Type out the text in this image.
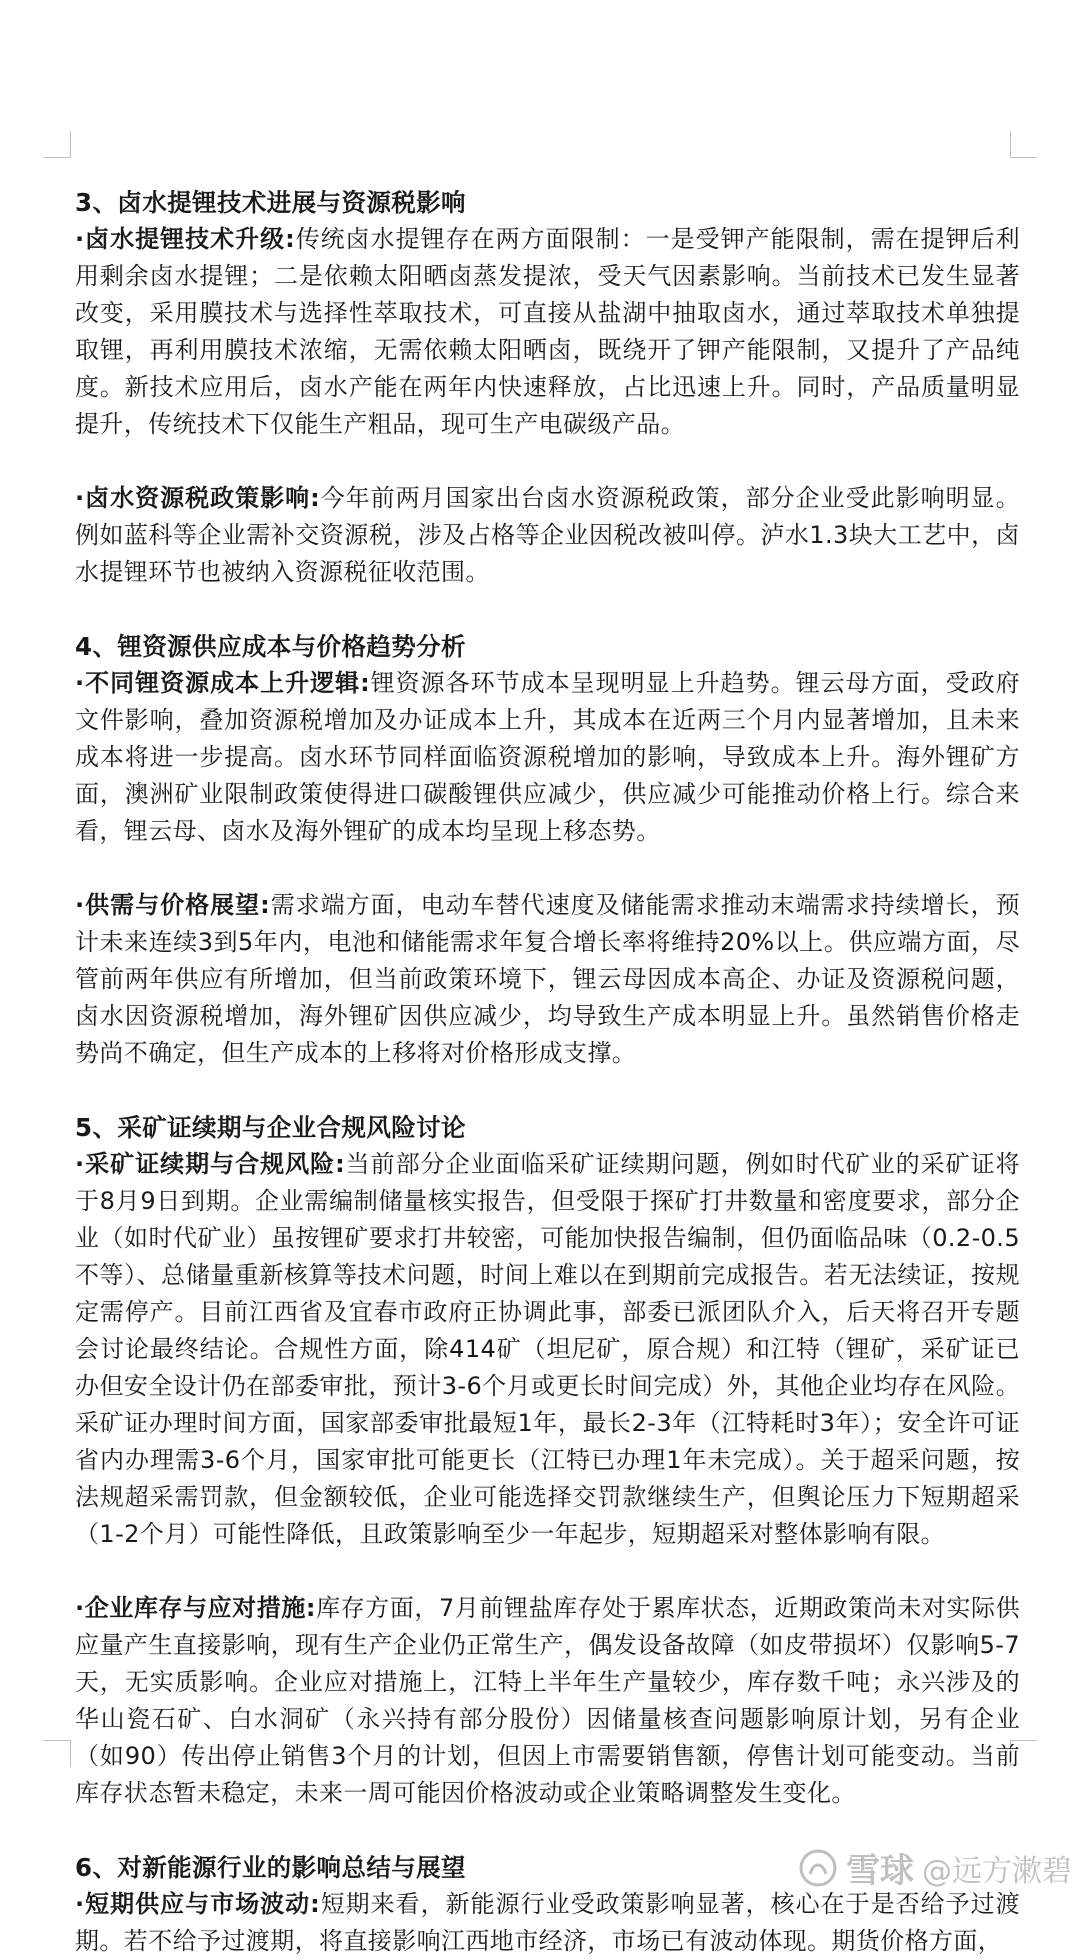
3、卤水提锂技术进展与资源税影响

·卤水提锂技术升级:传统卤水提锂存在两方面限制：一是受钾产能限制，需在提钾后利用剩余卤水提锂；二是依赖太阳晒卤蒸发提浓，受天气因素影响。当前技术已发生显著改变，采用膜技术与选择性萃取技术，可直接从盐湖中抽取卤水，通过萃取技术单独提取锂，再利用膜技术浓缩，无需依赖太阳晒卤，既绕开了钾产能限制，又提升了产品纯度。新技术应用后，卤水产能在两年内快速释放，占比迅速上升。同时，产品质量明显提升，传统技术下仅能生产粗品，现可生产电碳级产品。

·卤水资源税政策影响:今年前两月国家出台卤水资源税政策，部分企业受此影响明显。例如蓝科等企业需补交资源税，涉及占格等企业因税改被叫停。泸水1.3块大工艺中，卤水提锂环节也被纳入资源税征收范围。

4、锂资源供应成本与价格趋势分析

·不同锂资源成本上升逻辑:锂资源各环节成本呈现明显上升趋势。锂云母方面，受政府文件影响，叠加资源税增加及办证成本上升，其成本在近两三个月内显著增加，且未来成本将进一步提高。卤水环节同样面临资源税增加的影响，导致成本上升。海外锂矿方面，澳洲矿业限制政策使得进口碳酸锂供应减少，供应减少可能推动价格上行。综合来看，锂云母、卤水及海外锂矿的成本均呈现上移态势。

·供需与价格展望:需求端方面，电动车替代速度及储能需求推动末端需求持续增长，预计未来连续3到5年内，电池和储能需求年复合增长率将维持20%以上。供应端方面，尽管前两年供应有所增加，但当前政策环境下，锂云母因成本高企、办证及资源税问题，卤水因资源税增加，海外锂矿因供应减少，均导致生产成本明显上升。虽然销售价格走势尚不确定，但生产成本的上移将对价格形成支撑。

5、采矿证续期与企业合规风险讨论

·采矿证续期与合规风险:当前部分企业面临采矿证续期问题，例如时代矿业的采矿证将于8月9日到期。企业需编制储量核实报告，但受限于探矿打井数量和密度要求，部分企业（如时代矿业）虽按锂矿要求打井较密，可能加快报告编制，但仍面临品味（0.2-0.5不等）、总储量重新核算等技术问题，时间上难以在到期前完成报告。若无法续证，按规定需停产。目前江西省及宜春市政府正协调此事，部委已派团队介入，后天将召开专题会讨论最终结论。合规性方面，除414矿（坦尼矿，原合规）和江特（锂矿，采矿证已办但安全设计仍在部委审批，预计3-6个月或更长时间完成）外，其他企业均存在风险。采矿证办理时间方面，国家部委审批最短1年，最长2-3年（江特耗时3年）；安全许可证省内办理需3-6个月，国家审批可能更长（江特已办理1年未完成）。关于超采问题，按法规超采需罚款，但金额较低，企业可能选择交罚款继续生产，但舆论压力下短期超采（1-2个月）可能性降低，且政策影响至少一年起步，短期超采对整体影响有限。

·企业库存与应对措施:库存方面，7月前锂盐库存处于累库状态，近期政策尚未对实际供应量产生直接影响，现有生产企业仍正常生产，偶发设备故障（如皮带损坏）仅影响5-7天，无实质影响。企业应对措施上，江特上半年生产量较少，库存数千吨；永兴涉及的华山瓷石矿、白水洞矿（永兴持有部分股份）因储量核查问题影响原计划，另有企业（如90）传出停止销售3个月的计划，但因上市需要销售额，停售计划可能变动。当前库存状态暂未稳定，未来一周可能因价格波动或企业策略调整发生变化。

6、对新能源行业的影响总结与展望

·短期供应与市场波动:短期来看，新能源行业受政策影响显著，核心在于是否给予过渡期。若不给予过渡期，将直接影响江西地市经济，市场已有波动体现。期货价格方面，

雪球 @远方漱碧
